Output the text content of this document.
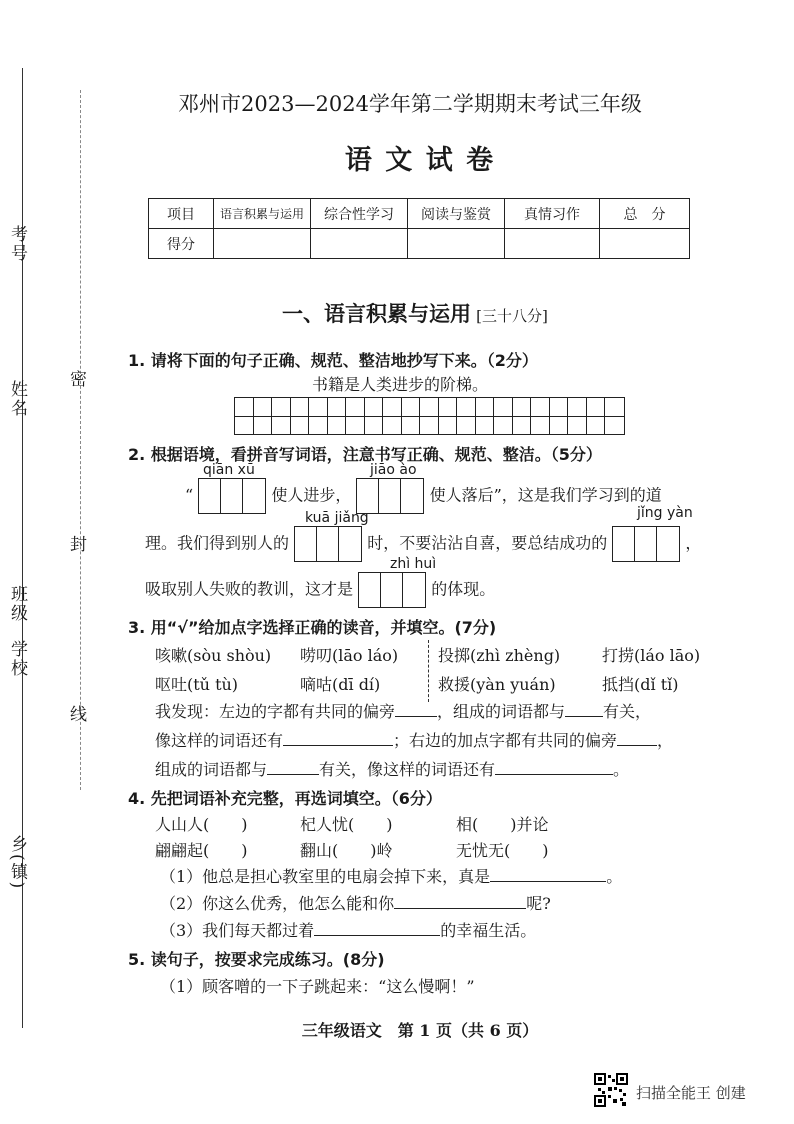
考号
姓名
班级
学校
乡(镇)
密
封
线
邓州市2023—2024学年第二学期期末考试三年级
语 文 试 卷
项目	语言积累与运用	综合性学习	阅读与鉴赏	真情习作	总　分
得分					
一、语言积累与运用 [三十八分]
1. 请将下面的句子正确、规范、整洁地抄写下来。（2分）
书籍是人类进步的阶梯。
2. 根据语境，看拼音写词语，注意书写正确、规范、整洁。（5分）
qiān xū	jiāo ào
“	使人进步，	使人落后”，这是我们学习到的道
kuā jiǎng	jǐng yàn
理。我们得到别人的	时，不要沾沾自喜，要总结成功的	，
zhì huì
吸取别人失败的教训，这才是	的体现。
3. 用“√”给加点字选择正确的读音，并填空。(7分)
咳嗽(sòu shòu) 唠叨(lāo láo) 投掷(zhì zhèng)	打捞(láo lāo)
呕吐(tǔ tù)	嘀咕(dī dí)	救援(yàn yuán)	抵挡(dǐ tǐ)
我发现：左边的字都有共同的偏旁	，组成的词语都与 有关，
像这样的词语还有	；右边的加点字都有共同的偏旁	，
组成的词语都与	有关，像这样的词语还有	。
4. 先把词语补充完整，再选词填空。（6分）
人山人(　　)	杞人忧(　　)	相(　　)并论
翩翩起(　　)	翻山(　　)岭	无忧无(　　)
（1）他总是担心教室里的电扇会掉下来，真是	。
（2）你这么优秀，他怎么能和你	呢?
（3）我们每天都过着	的幸福生活。
5. 读句子，按要求完成练习。(8分)
（1）顾客噌的一下子跳起来：“这么慢啊！”
三年级语文　第 1 页（共 6 页）
扫描全能王 创建
